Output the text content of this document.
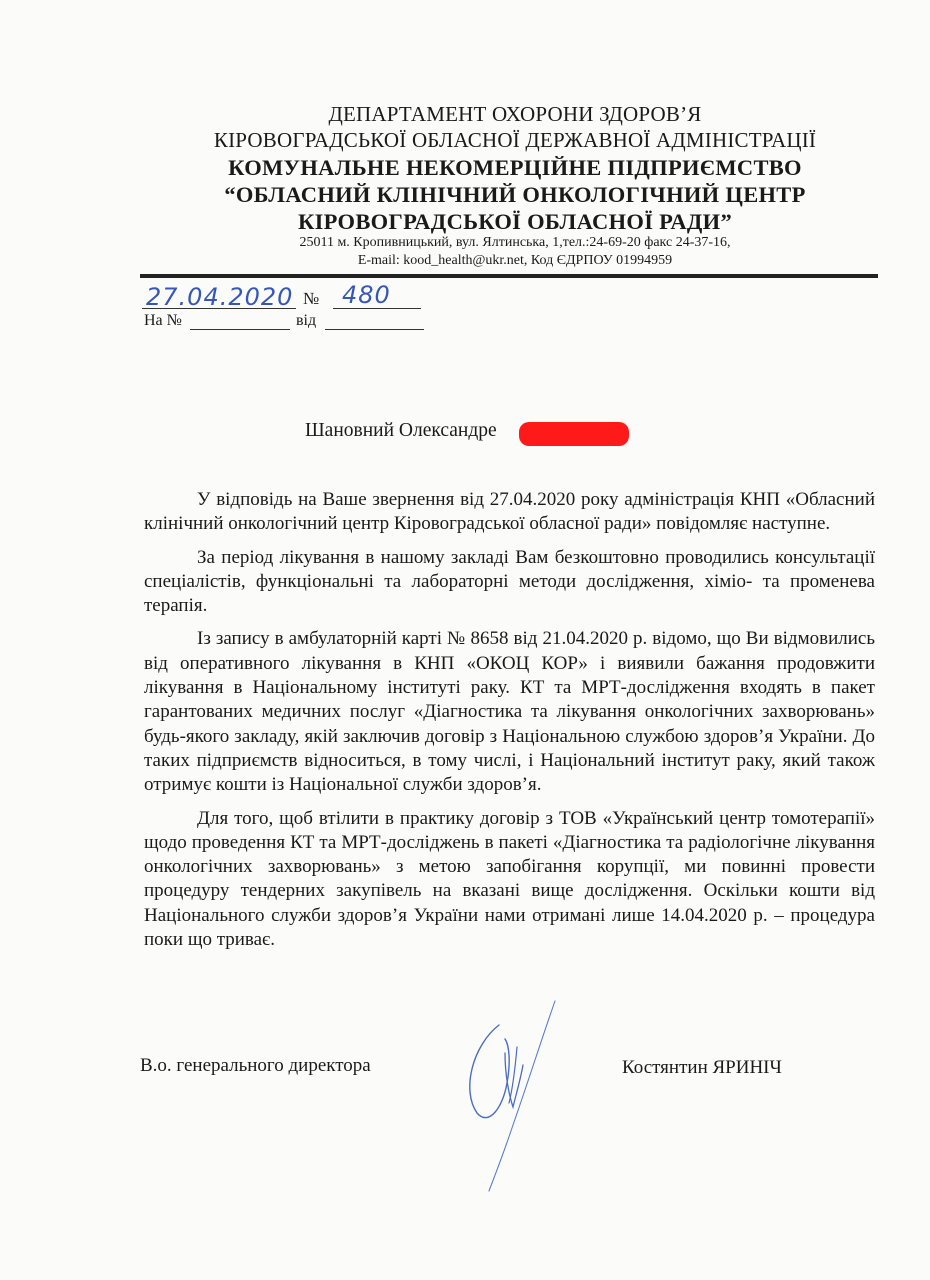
ДЕПАРТАМЕНТ ОХОРОНИ ЗДОРОВ’Я
КІРОВОГРАДСЬКОЇ ОБЛАСНОЇ ДЕРЖАВНОЇ АДМІНІСТРАЦІЇ
КОМУНАЛЬНЕ НЕКОМЕРЦІЙНЕ ПІДПРИЄМСТВО
“ОБЛАСНИЙ КЛІНІЧНИЙ ОНКОЛОГІЧНИЙ ЦЕНТР
КІРОВОГРАДСЬКОЇ ОБЛАСНОЇ РАДИ”
25011 м. Кропивницький, вул. Ялтинська, 1,тел.:24-69-20 факс 24-37-16,
E-mail: kood_health@ukr.net, Код ЄДРПОУ 01994959
27.04.2020 № 480
На №	від
Шановний Олександре

У відповідь на Ваше звернення від 27.04.2020 року адміністрація КНП «Обласний клінічний онкологічний центр Кіровоградської обласної ради» повідомляє наступне.

За період лікування в нашому закладі Вам безкоштовно проводились консультації спеціалістів, функціональні та лабораторні методи дослідження, хіміо- та променева терапія.

Із запису в амбулаторній карті № 8658 від 21.04.2020 р. відомо, що Ви відмовились від оперативного лікування в КНП «ОКОЦ КОР» і виявили бажання продовжити лікування в Національному інституті раку. КТ та МРТ-дослідження входять в пакет гарантованих медичних послуг «Діагностика та лікування онкологічних захворювань» будь-якого закладу, якій заключив договір з Національною службою здоров’я України. До таких підприємств відноситься, в тому числі, і Національний інститут раку, який також отримує кошти із Національної служби здоров’я.

Для того, щоб втілити в практику договір з ТОВ «Український центр томотерапії» щодо проведення КТ та МРТ-досліджень в пакеті «Діагностика та радіологічне лікування онкологічних захворювань» з метою запобігання корупції, ми повинні провести процедуру тендерних закупівель на вказані вище дослідження. Оскільки кошти від Національного служби здоров’я України нами отримані лише 14.04.2020 р. – процедура поки що триває.

В.о. генерального директора	Костянтин ЯРИНІЧ
